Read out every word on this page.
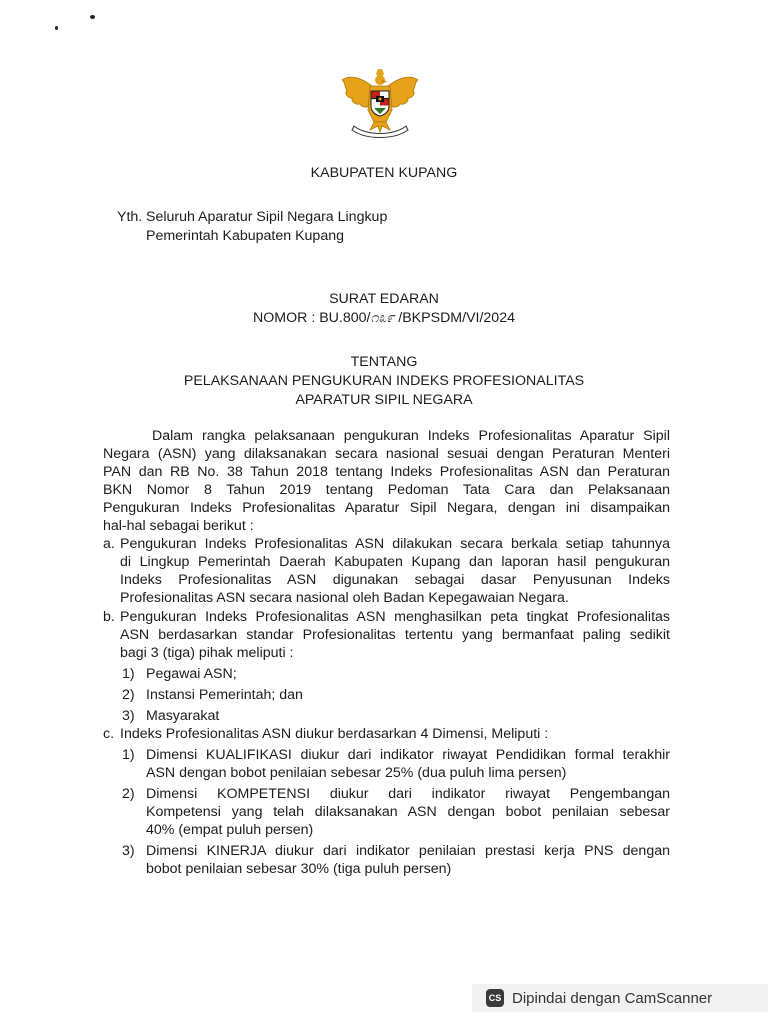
KABUPATEN KUPANG
Yth. Seluruh Aparatur Sipil Negara Lingkup
Pemerintah Kabupaten Kupang
SURAT EDARAN
NOMOR : BU.800/೧೩೯ /BKPSDM/VI/2024
TENTANG
PELAKSANAAN PENGUKURAN INDEKS PROFESIONALITAS
APARATUR SIPIL NEGARA
Dalam rangka pelaksanaan pengukuran Indeks Profesionalitas Aparatur Sipil
Negara (ASN) yang dilaksanakan secara nasional sesuai dengan Peraturan Menteri
PAN dan RB No. 38 Tahun 2018 tentang Indeks Profesionalitas ASN dan Peraturan
BKN Nomor 8 Tahun 2019 tentang Pedoman Tata Cara dan Pelaksanaan
Pengukuran Indeks Profesionalitas Aparatur Sipil Negara, dengan ini disampaikan
hal-hal sebagai berikut :
a. Pengukuran Indeks Profesionalitas ASN dilakukan secara berkala setiap tahunnya
di Lingkup Pemerintah Daerah Kabupaten Kupang dan laporan hasil pengukuran
Indeks Profesionalitas ASN digunakan sebagai dasar Penyusunan Indeks
Profesionalitas ASN secara nasional oleh Badan Kepegawaian Negara.
b. Pengukuran Indeks Profesionalitas ASN menghasilkan peta tingkat Profesionalitas
ASN berdasarkan standar Profesionalitas tertentu yang bermanfaat paling sedikit
bagi 3 (tiga) pihak meliputi :
1) Pegawai ASN;
2) Instansi Pemerintah; dan
3) Masyarakat
c. Indeks Profesionalitas ASN diukur berdasarkan 4 Dimensi, Meliputi :
1) Dimensi KUALIFIKASI diukur dari indikator riwayat Pendidikan formal terakhir
ASN dengan bobot penilaian sebesar 25% (dua puluh lima persen)
2) Dimensi KOMPETENSI diukur dari indikator riwayat Pengembangan
Kompetensi yang telah dilaksanakan ASN dengan bobot penilaian sebesar
40% (empat puluh persen)
3) Dimensi KINERJA diukur dari indikator penilaian prestasi kerja PNS dengan
bobot penilaian sebesar 30% (tiga puluh persen)
CS Dipindai dengan CamScanner
